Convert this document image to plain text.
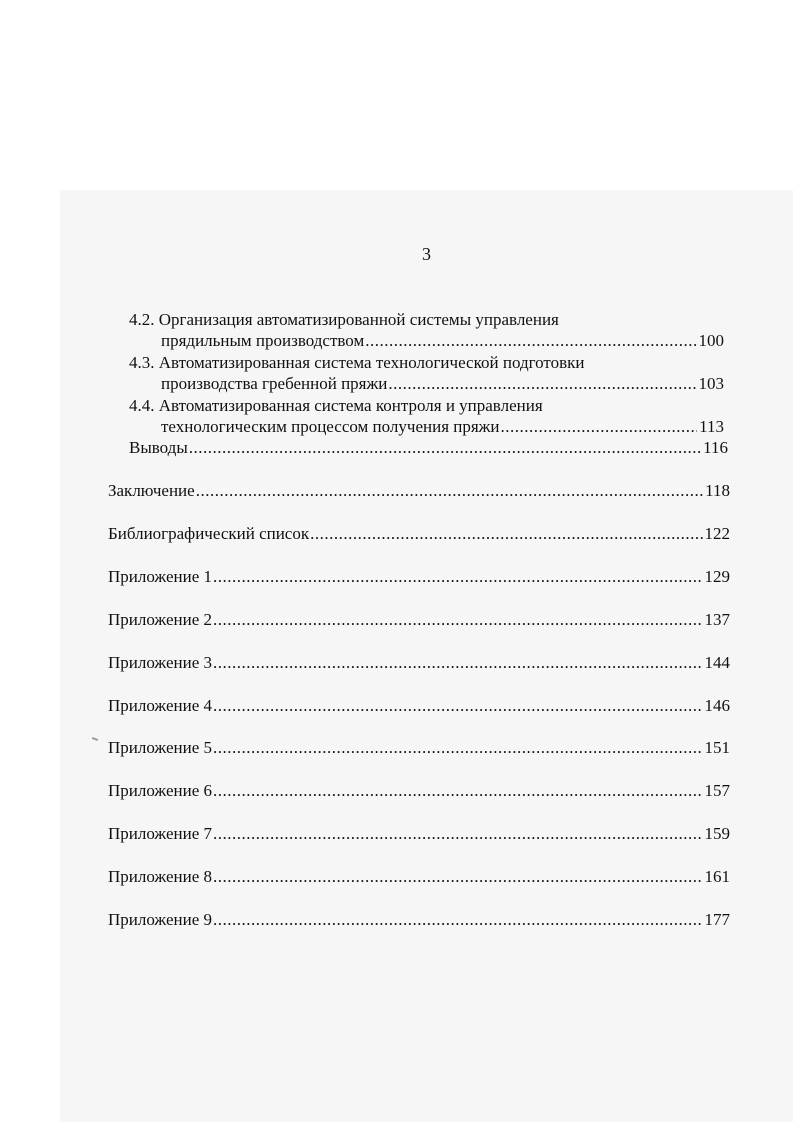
3
4.2. Организация автоматизированной системы управления
прядильным производством .....	100
4.3. Автоматизированная система технологической подготовки
производства гребенной пряжи .....	103
4.4. Автоматизированная система контроля и управления
технологическим процессом получения пряжи .....	113
Выводы .....	116
Заключение .....	118
Библиографический список .....	122
Приложение 1 .....	129
Приложение 2 .....	137
Приложение 3 .....	144
Приложение 4 .....	146
Приложение 5 .....	151
Приложение 6 .....	157
Приложение 7 .....	159
Приложение 8 .....	161
Приложение 9 .....	177
